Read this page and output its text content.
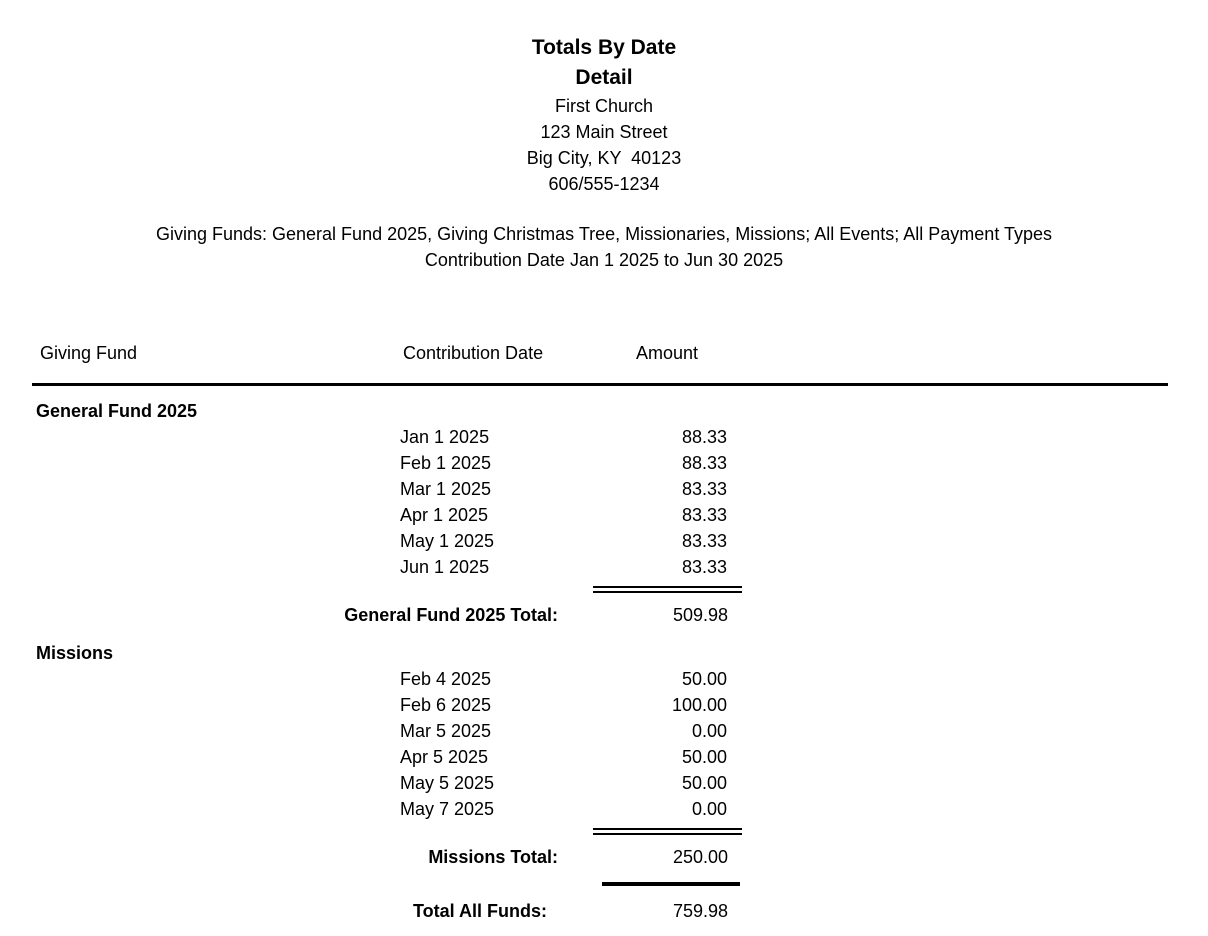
Totals By Date
Detail
First Church
123 Main Street
Big City, KY  40123
606/555-1234
Giving Funds: General Fund 2025, Giving Christmas Tree, Missionaries, Missions; All Events; All Payment Types
Contribution Date Jan 1 2025 to Jun 30 2025
Giving Fund	Contribution Date	Amount
General Fund 2025
Jan 1 2025	88.33
Feb 1 2025	88.33
Mar 1 2025	83.33
Apr 1 2025	83.33
May 1 2025	83.33
Jun 1 2025	83.33
General Fund 2025 Total:	509.98
Missions
Feb 4 2025	50.00
Feb 6 2025	100.00
Mar 5 2025	0.00
Apr 5 2025	50.00
May 5 2025	50.00
May 7 2025	0.00
Missions Total:	250.00
Total All Funds:	759.98
